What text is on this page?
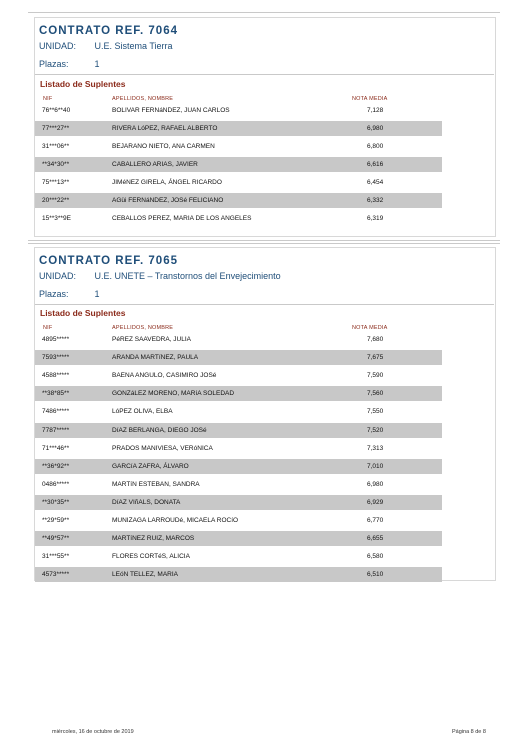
CONTRATO REF. 7064
UNIDAD: U.E. Sistema Tierra
Plazas:	1
Listado de Suplentes
NIF	APELLIDOS, NOMBRE	NOTA MEDIA
76**6**40	BOLIVAR FERNáNDEZ, JUAN CARLOS	7,128
77***27**	RIVERA LóPEZ, RAFAEL ALBERTO	6,980
31***06**	BEJARANO NIETO, ANA CARMEN	6,800
**34*30**	CABALLERO ARIAS, JAVIER	6,616
75***13**	JIMéNEZ GIRELA, ÁNGEL RICARDO	6,454
20***22**	AGüi FERNáNDEZ, JOSé FELICIANO	6,332
15**3**9E	CEBALLOS PEREZ, MARIA DE LOS ANGELES	6,319
CONTRATO REF. 7065
UNIDAD: U.E. UNETE – Transtornos del Envejecimiento
Plazas:	1
Listado de Suplentes
NIF	APELLIDOS, NOMBRE	NOTA MEDIA
4895*****	PéREZ SAAVEDRA, JULIA	7,680
7593*****	ARANDA MARTíNEZ, PAULA	7,675
4588*****	BAENA ANGULO, CASIMIRO JOSé	7,590
**38*85**	GONZáLEZ MORENO, MARíA SOLEDAD	7,560
7486*****	LóPEZ OLIVA, ELBA	7,550
7787*****	DíAZ BERLANGA, DIEGO JOSé	7,520
71***46**	PRADOS MANIVIESA, VERóNICA	7,313
**36*92**	GARCíA ZAFRA, ÁLVARO	7,010
0486*****	MARTíN ESTEBAN, SANDRA	6,980
**30*35**	DíAZ VIñALS, DONATA	6,929
**29*59**	MUNIZAGA LARROUDé, MICAELA ROCíO	6,770
**49*57**	MARTíNEZ RUIZ, MARCOS	6,655
31***55**	FLORES CORTéS, ALICIA	6,580
4573*****	LEóN TELLEZ, MARIA	6,510
miércoles, 16 de octubre de 2019	Página 8 de 8
